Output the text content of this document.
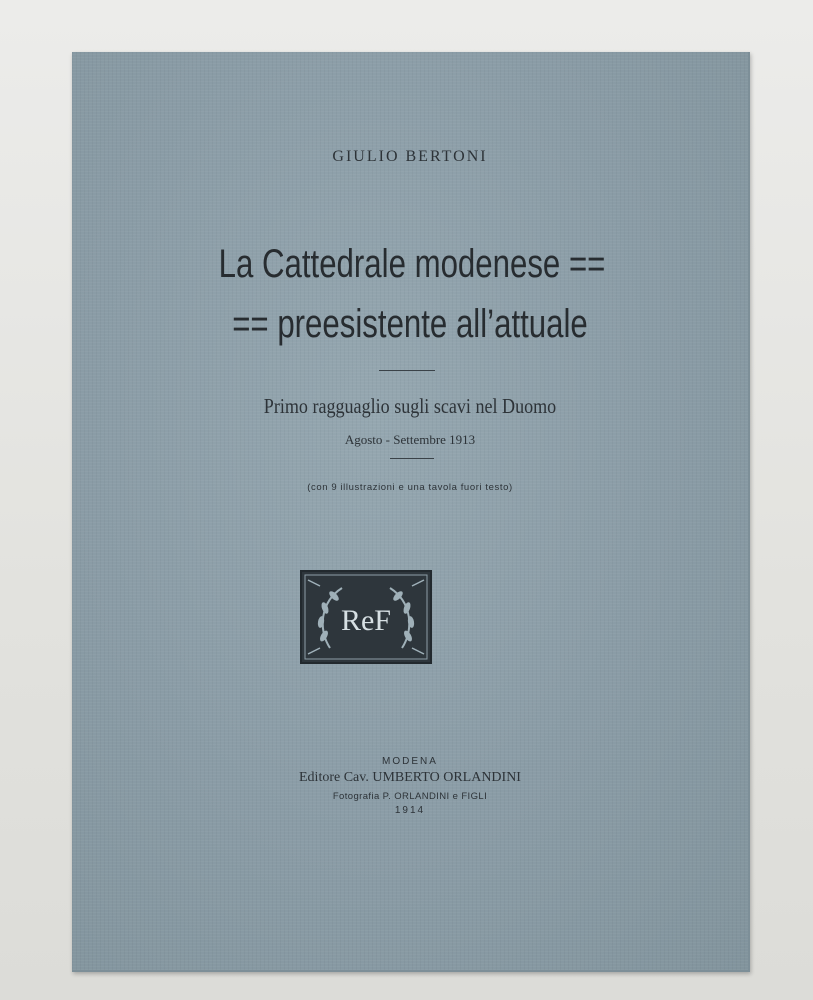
GIULIO BERTONI
La Cattedrale modenese ==
== preesistente all’attuale
Primo ragguaglio sugli scavi nel Duomo
Agosto - Settembre 1913
(con 9 illustrazioni e una tavola fuori testo)
ReF
MODENA
Editore Cav. UMBERTO ORLANDINI
Fotografia P. ORLANDINI e FIGLI
1914
